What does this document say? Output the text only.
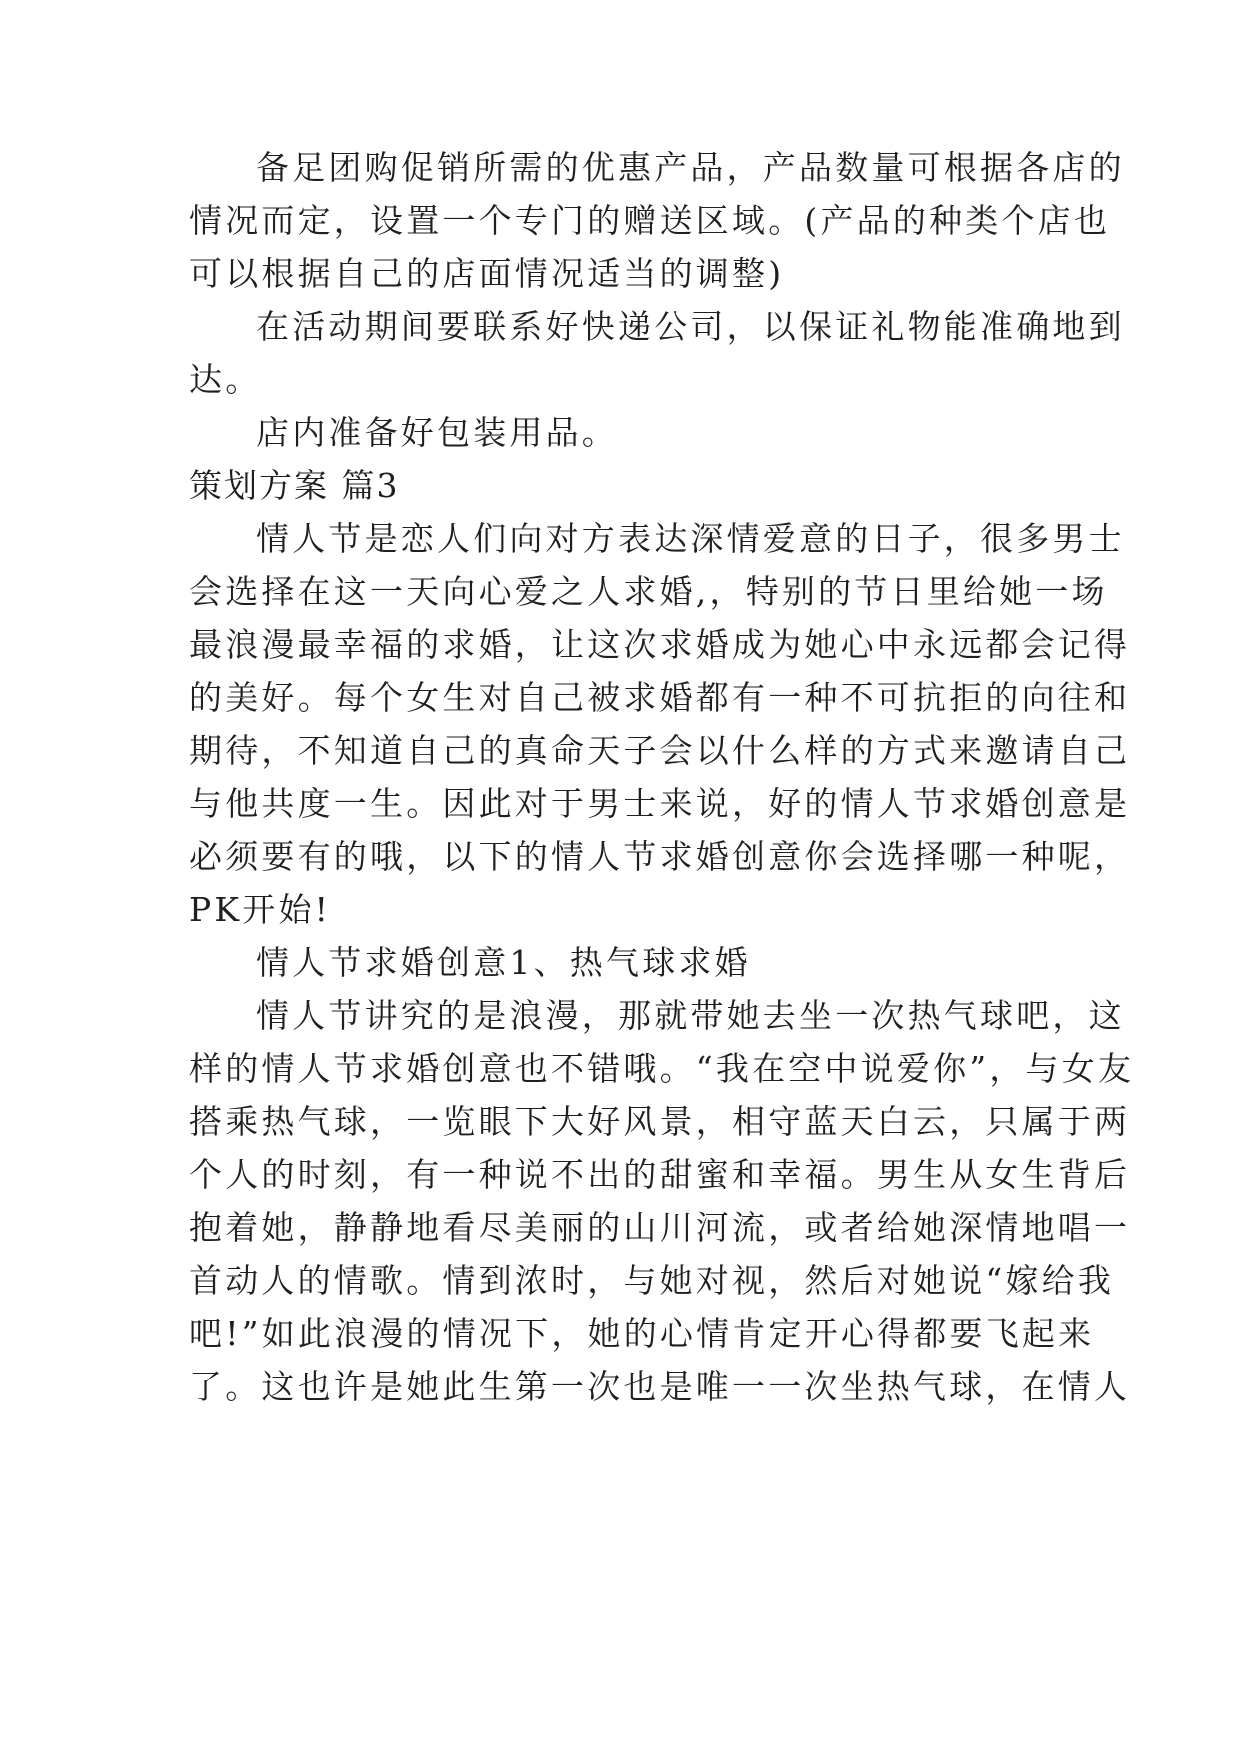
备足团购促销所需的优惠产品，产品数量可根据各店的
情况而定，设置一个专门的赠送区域。(产品的种类个店也
可以根据自己的店面情况适当的调整)
在活动期间要联系好快递公司，以保证礼物能准确地到
达。
店内准备好包装用品。
策划方案 篇3
情人节是恋人们向对方表达深情爱意的日子，很多男士
会选择在这一天向心爱之人求婚,，特别的节日里给她一场
最浪漫最幸福的求婚，让这次求婚成为她心中永远都会记得
的美好。每个女生对自己被求婚都有一种不可抗拒的向往和
期待，不知道自己的真命天子会以什么样的方式来邀请自己
与他共度一生。因此对于男士来说，好的情人节求婚创意是
必须要有的哦，以下的情人节求婚创意你会选择哪一种呢，
PK开始!
情人节求婚创意1、热气球求婚
情人节讲究的是浪漫，那就带她去坐一次热气球吧，这
样的情人节求婚创意也不错哦。“我在空中说爱你”，与女友
搭乘热气球，一览眼下大好风景，相守蓝天白云，只属于两
个人的时刻，有一种说不出的甜蜜和幸福。男生从女生背后
抱着她，静静地看尽美丽的山川河流，或者给她深情地唱一
首动人的情歌。情到浓时，与她对视，然后对她说“嫁给我
吧!”如此浪漫的情况下，她的心情肯定开心得都要飞起来
了。这也许是她此生第一次也是唯一一次坐热气球，在情人
